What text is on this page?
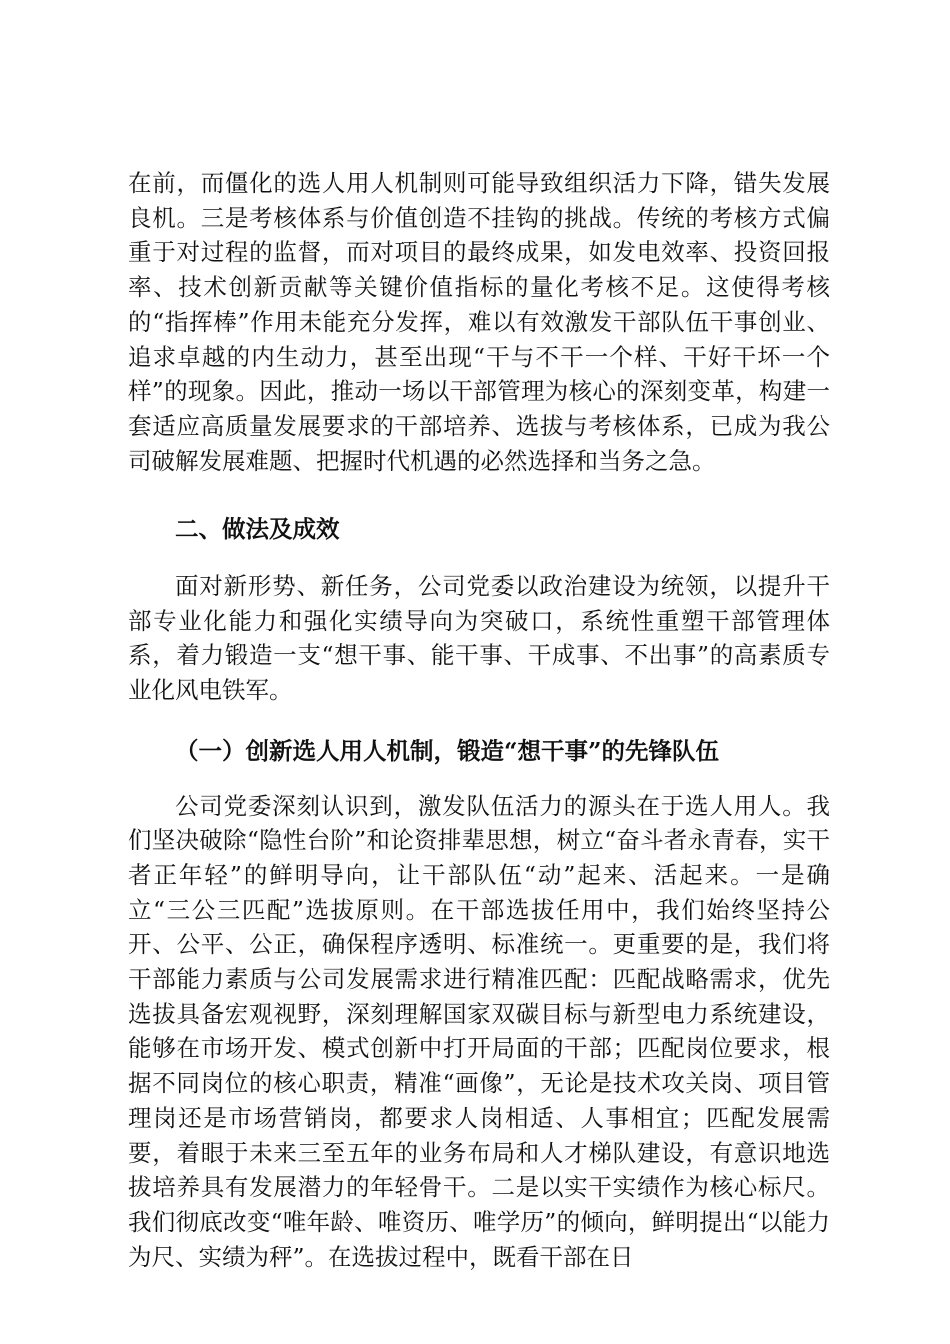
在前，而僵化的选人用人机制则可能导致组织活力下降，错失发展良机。三是考核体系与价值创造不挂钩的挑战。传统的考核方式偏重于对过程的监督，而对项目的最终成果，如发电效率、投资回报率、技术创新贡献等关键价值指标的量化考核不足。这使得考核的“指挥棒”作用未能充分发挥，难以有效激发干部队伍干事创业、追求卓越的内生动力，甚至出现“干与不干一个样、干好干坏一个样”的现象。因此，推动一场以干部管理为核心的深刻变革，构建一套适应高质量发展要求的干部培养、选拔与考核体系，已成为我公司破解发展难题、把握时代机遇的必然选择和当务之急。

二、做法及成效

面对新形势、新任务，公司党委以政治建设为统领，以提升干部专业化能力和强化实绩导向为突破口，系统性重塑干部管理体系，着力锻造一支“想干事、能干事、干成事、不出事”的高素质专业化风电铁军。

（一）创新选人用人机制，锻造“想干事”的先锋队伍

公司党委深刻认识到，激发队伍活力的源头在于选人用人。我们坚决破除“隐性台阶”和论资排辈思想，树立“奋斗者永青春，实干者正年轻”的鲜明导向，让干部队伍“动”起来、活起来。一是确立“三公三匹配”选拔原则。在干部选拔任用中，我们始终坚持公开、公平、公正，确保程序透明、标准统一。更重要的是，我们将干部能力素质与公司发展需求进行精准匹配：匹配战略需求，优先选拔具备宏观视野，深刻理解国家双碳目标与新型电力系统建设，能够在市场开发、模式创新中打开局面的干部；匹配岗位要求，根据不同岗位的核心职责，精准“画像”，无论是技术攻关岗、项目管理岗还是市场营销岗，都要求人岗相适、人事相宜；匹配发展需要，着眼于未来三至五年的业务布局和人才梯队建设，有意识地选拔培养具有发展潜力的年轻骨干。二是以实干实绩作为核心标尺。我们彻底改变“唯年龄、唯资历、唯学历”的倾向，鲜明提出“以能力为尺、实绩为秤”。在选拔过程中，既看干部在日
